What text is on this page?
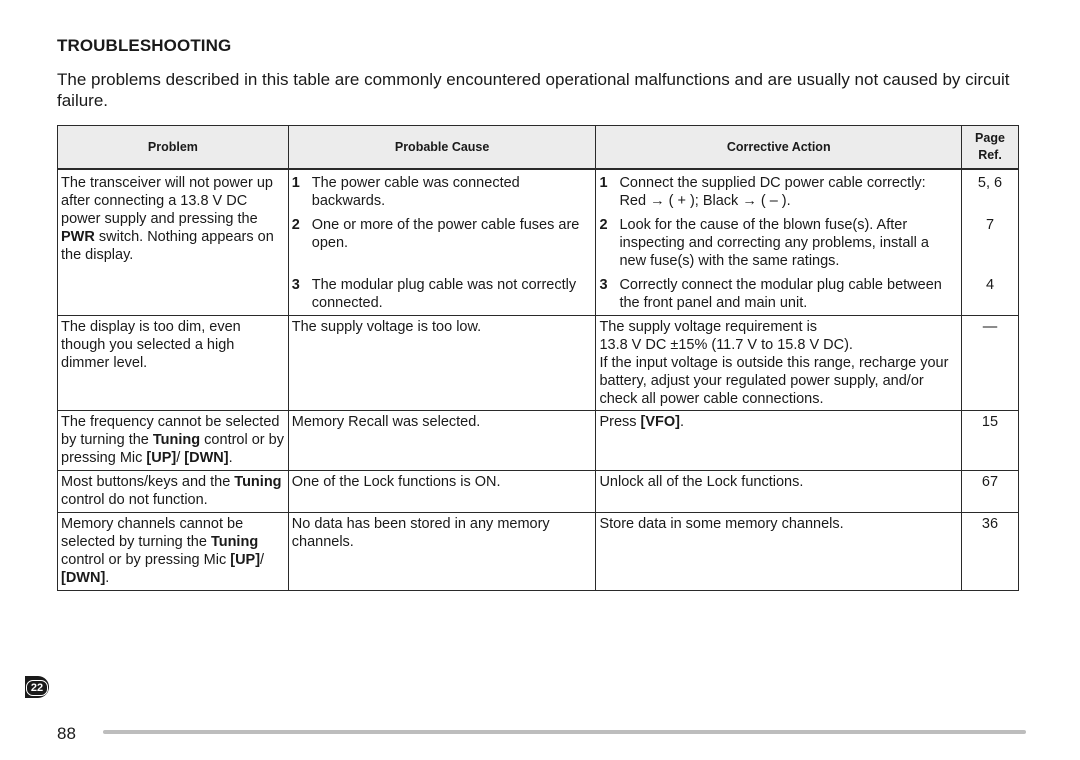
TROUBLESHOOTING
The problems described in this table are commonly encountered operational malfunctions and are usually not caused by circuit failure.
Problem	Probable Cause	Corrective Action	Page
Ref.
The transceiver will not power up after connecting a 13.8 V DC power supply and pressing the PWR switch. Nothing appears on the display.	1 The power cable was connected backwards.	1 Connect the supplied DC power cable correctly:
Red → ( + ); Black → ( – ).	5, 6

	2 One or more of the power cable fuses are open.	2 Look for the cause of the blown fuse(s). After inspecting and correcting any problems, install a new fuse(s) with the same ratings.	7

	3 The modular plug cable was not correctly connected.	3 Correctly connect the modular plug cable between the front panel and main unit.	4
The display is too dim, even though you selected a high dimmer level.	The supply voltage is too low.	The supply voltage requirement is
13.8 V DC ±15% (11.7 V to 15.8 V DC).
If the input voltage is outside this range, recharge your battery, adjust your regulated power supply, and/or check all power cable connections.	—
The frequency cannot be selected by turning the Tuning control or by pressing Mic [UP]/ [DWN].	Memory Recall was selected.	Press [VFO].	15
Most buttons/keys and the Tuning control do not function.	One of the Lock functions is ON.	Unlock all of the Lock functions.	67
Memory channels cannot be selected by turning the Tuning control or by pressing Mic [UP]/ [DWN].	No data has been stored in any memory channels.	Store data in some memory channels.	36
22
88
